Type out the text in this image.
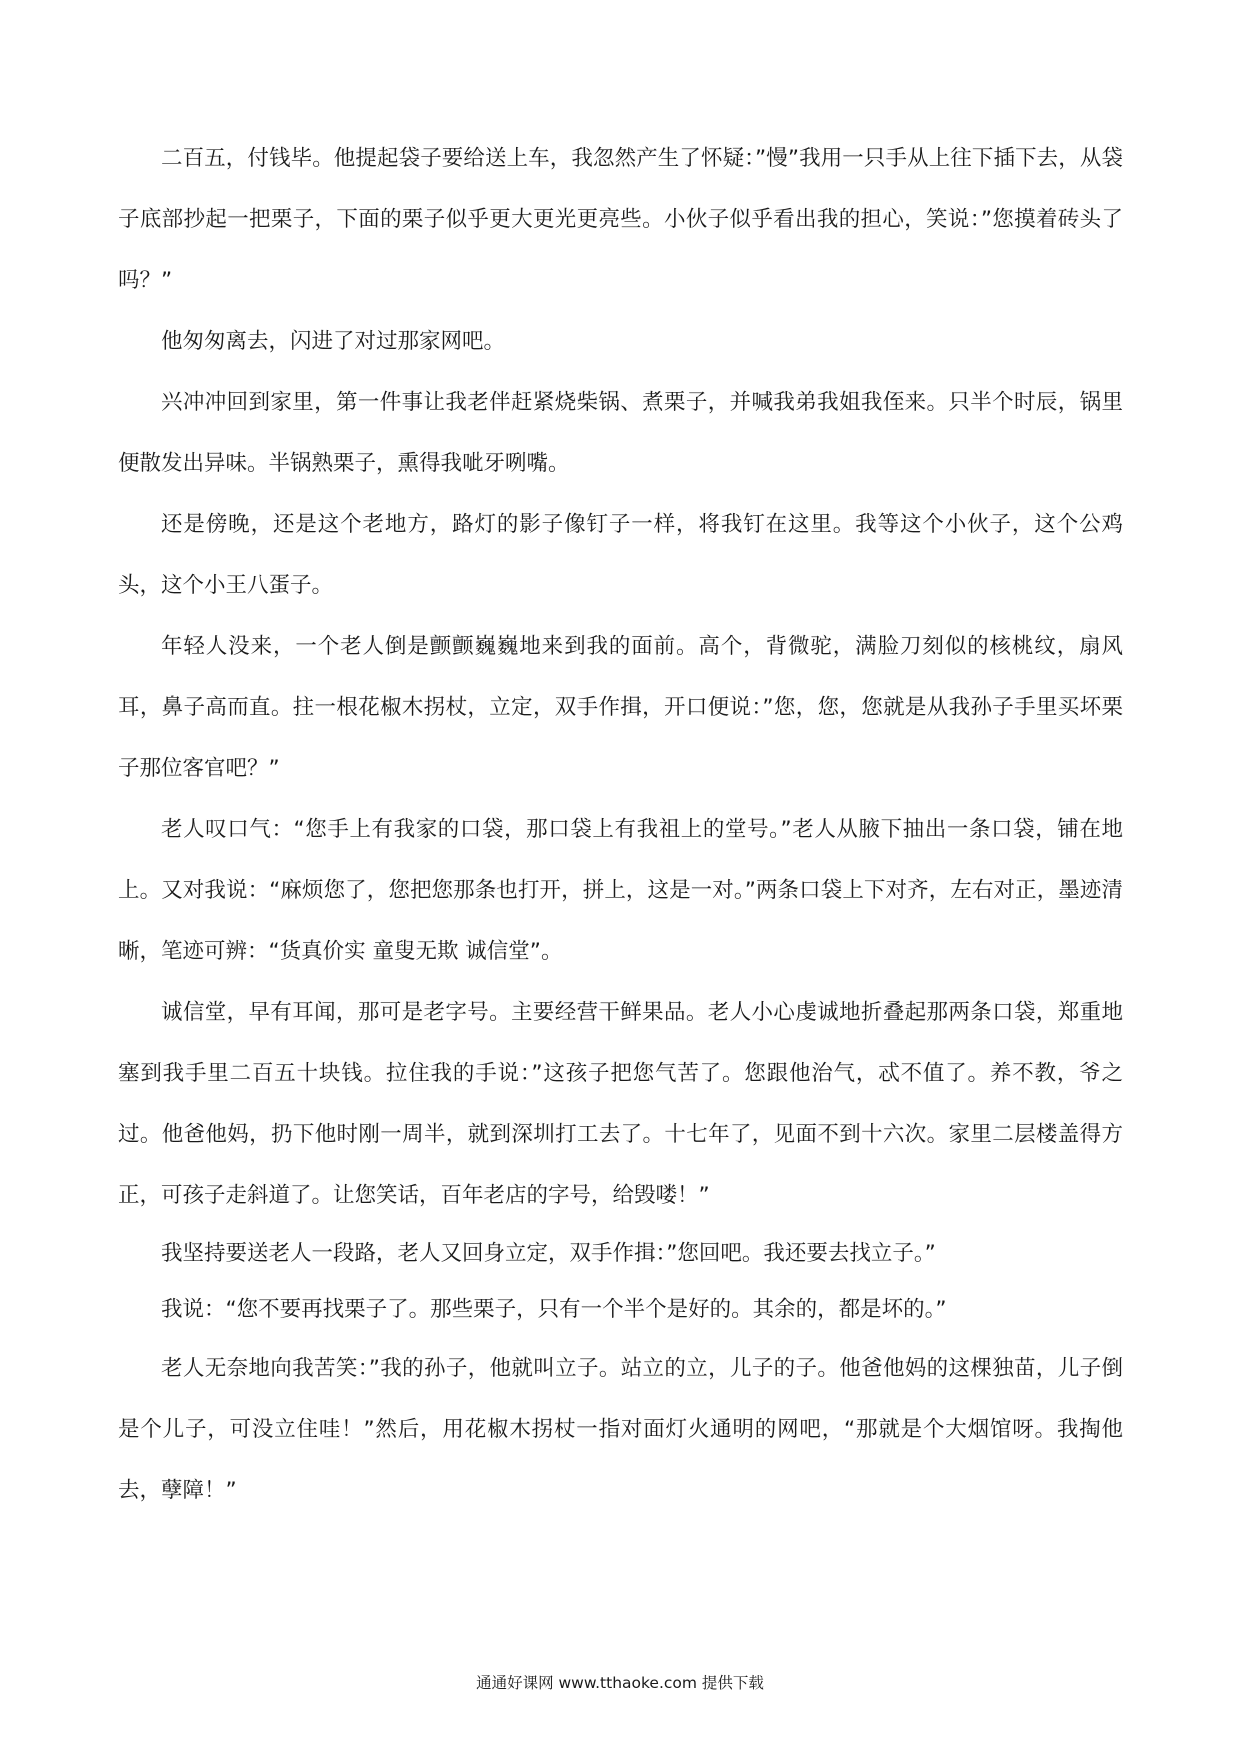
二百五，付钱毕。他提起袋子要给送上车，我忽然产生了怀疑：”慢”我用一只手从上往下插下去，从袋子底部抄起一把栗子，下面的栗子似乎更大更光更亮些。小伙子似乎看出我的担心，笑说：”您摸着砖头了吗？”

他匆匆离去，闪进了对过那家网吧。

兴冲冲回到家里，第一件事让我老伴赶紧烧柴锅、煮栗子，并喊我弟我姐我侄来。只半个时辰，锅里便散发出异味。半锅熟栗子，熏得我呲牙咧嘴。

还是傍晚，还是这个老地方，路灯的影子像钉子一样，将我钉在这里。我等这个小伙子，这个公鸡头，这个小王八蛋子。

年轻人没来，一个老人倒是颤颤巍巍地来到我的面前。高个，背微驼，满脸刀刻似的核桃纹，扇风耳，鼻子高而直。拄一根花椒木拐杖，立定，双手作揖，开口便说：”您，您，您就是从我孙子手里买坏栗子那位客官吧？”

老人叹口气：“您手上有我家的口袋，那口袋上有我祖上的堂号。”老人从腋下抽出一条口袋，铺在地上。又对我说：“麻烦您了，您把您那条也打开，拼上，这是一对。”两条口袋上下对齐，左右对正，墨迹清晰，笔迹可辨：“货真价实 童叟无欺 诚信堂”。

诚信堂，早有耳闻，那可是老字号。主要经营干鲜果品。老人小心虔诚地折叠起那两条口袋，郑重地塞到我手里二百五十块钱。拉住我的手说：”这孩子把您气苦了。您跟他治气，忒不值了。养不教，爷之过。他爸他妈，扔下他时刚一周半，就到深圳打工去了。十七年了，见面不到十六次。家里二层楼盖得方正，可孩子走斜道了。让您笑话，百年老店的字号，给毁喽！”

我坚持要送老人一段路，老人又回身立定，双手作揖：”您回吧。我还要去找立子。”

我说：“您不要再找栗子了。那些栗子，只有一个半个是好的。其余的，都是坏的。”

老人无奈地向我苦笑：”我的孙子，他就叫立子。站立的立，儿子的子。他爸他妈的这棵独苗，儿子倒是个儿子，可没立住哇！”然后，用花椒木拐杖一指对面灯火通明的网吧，“那就是个大烟馆呀。我掏他去，孽障！”

通通好课网 www.tthaoke.com 提供下载
